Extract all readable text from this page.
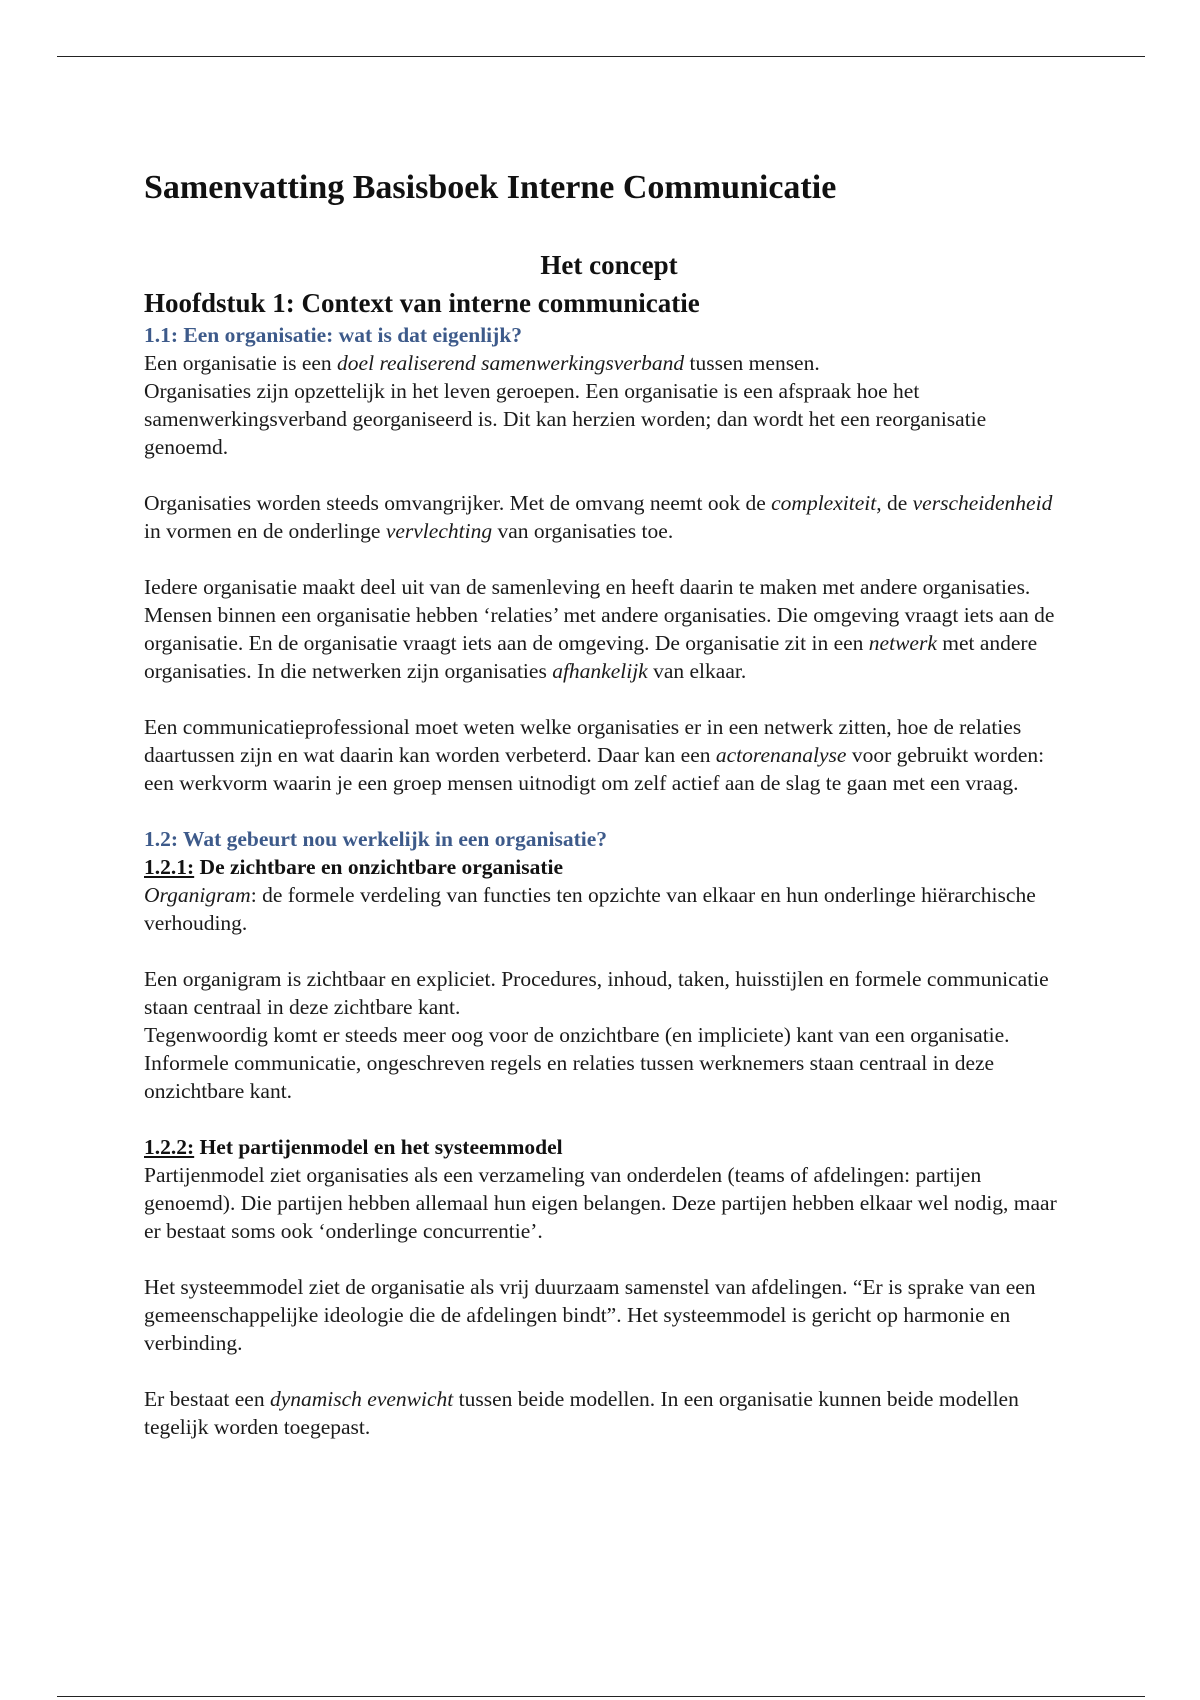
Samenvatting Basisboek Interne Communicatie
Het concept
Hoofdstuk 1: Context van interne communicatie
1.1: Een organisatie: wat is dat eigenlijk?

Een organisatie is een doel realiserend samenwerkingsverband tussen mensen.

Organisaties zijn opzettelijk in het leven geroepen. Een organisatie is een afspraak hoe het samenwerkingsverband georganiseerd is. Dit kan herzien worden; dan wordt het een reorganisatie genoemd.

Organisaties worden steeds omvangrijker. Met de omvang neemt ook de complexiteit, de verscheidenheid in vormen en de onderlinge vervlechting van organisaties toe.

Iedere organisatie maakt deel uit van de samenleving en heeft daarin te maken met andere organisaties. Mensen binnen een organisatie hebben ‘relaties’ met andere organisaties. Die omgeving vraagt iets aan de organisatie. En de organisatie vraagt iets aan de omgeving. De organisatie zit in een netwerk met andere organisaties. In die netwerken zijn organisaties afhankelijk van elkaar.

Een communicatieprofessional moet weten welke organisaties er in een netwerk zitten, hoe de relaties daartussen zijn en wat daarin kan worden verbeterd. Daar kan een actorenanalyse voor gebruikt worden: een werkvorm waarin je een groep mensen uitnodigt om zelf actief aan de slag te gaan met een vraag.

1.2: Wat gebeurt nou werkelijk in een organisatie?
1.2.1: De zichtbare en onzichtbare organisatie

Organigram: de formele verdeling van functies ten opzichte van elkaar en hun onderlinge hiërarchische verhouding.

Een organigram is zichtbaar en expliciet. Procedures, inhoud, taken, huisstijlen en formele communicatie staan centraal in deze zichtbare kant.

Tegenwoordig komt er steeds meer oog voor de onzichtbare (en impliciete) kant van een organisatie. Informele communicatie, ongeschreven regels en relaties tussen werknemers staan centraal in deze onzichtbare kant.

1.2.2: Het partijenmodel en het systeemmodel

Partijenmodel ziet organisaties als een verzameling van onderdelen (teams of afdelingen: partijen genoemd). Die partijen hebben allemaal hun eigen belangen. Deze partijen hebben elkaar wel nodig, maar er bestaat soms ook ‘onderlinge concurrentie’.

Het systeemmodel ziet de organisatie als vrij duurzaam samenstel van afdelingen. “Er is sprake van een gemeenschappelijke ideologie die de afdelingen bindt”. Het systeemmodel is gericht op harmonie en verbinding.

Er bestaat een dynamisch evenwicht tussen beide modellen. In een organisatie kunnen beide modellen tegelijk worden toegepast.
